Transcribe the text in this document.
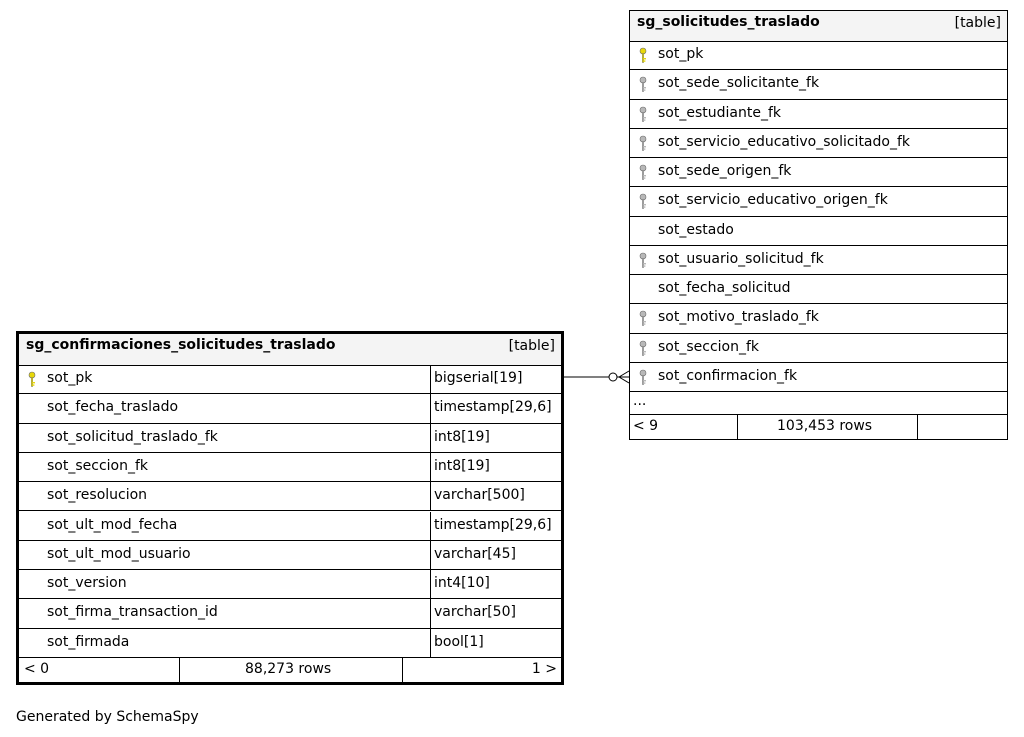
sg_solicitudes_traslado	[table]
sot_pk
sot_sede_solicitante_fk
sot_estudiante_fk
sot_servicio_educativo_solicitado_fk
sot_sede_origen_fk
sot_servicio_educativo_origen_fk
sot_estado
sot_usuario_solicitud_fk
sot_fecha_solicitud
sot_motivo_traslado_fk
sot_seccion_fk
sot_confirmacion_fk
...
< 9	103,453 rows
sg_confirmaciones_solicitudes_traslado	[table]
sot_pk	bigserial[19]
sot_fecha_traslado	timestamp[29,6]
sot_solicitud_traslado_fk	int8[19]
sot_seccion_fk	int8[19]
sot_resolucion	varchar[500]
sot_ult_mod_fecha	timestamp[29,6]
sot_ult_mod_usuario	varchar[45]
sot_version	int4[10]
sot_firma_transaction_id	varchar[50]
sot_firmada	bool[1]
< 0	88,273 rows	1 >
Generated by SchemaSpy
